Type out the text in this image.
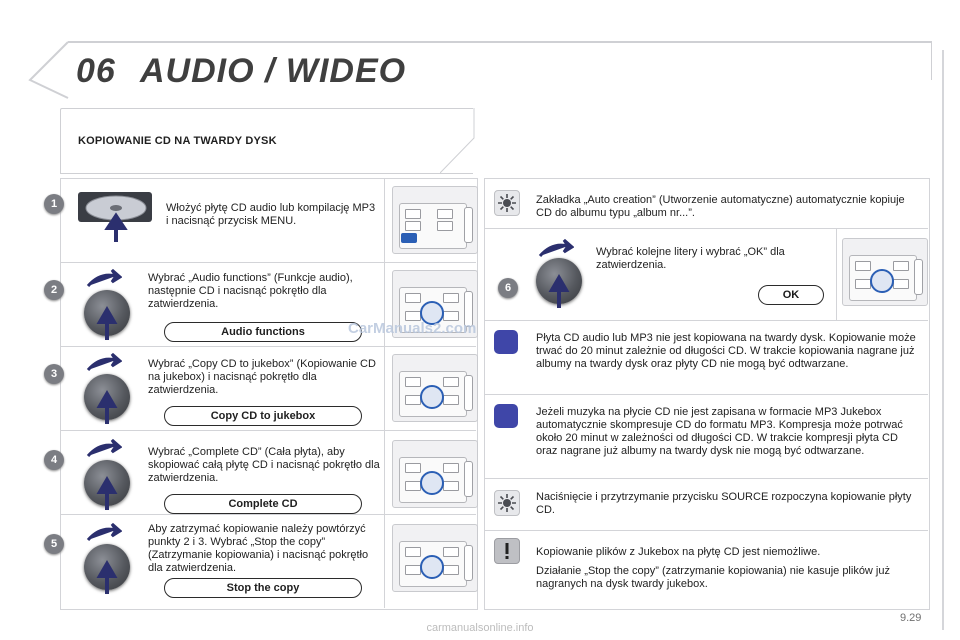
06 AUDIO / WIDEO
KOPIOWANIE CD NA TWARDY DYSK
1	Włożyć płytę CD audio lub kompilację MP3 i nacisnąć przycisk MENU.
2
Wybrać „Audio functions” (Funkcje audio), następnie CD i nacisnąć pokrętło dla zatwierdzenia.
Audio functions
3
Wybrać „Copy CD to jukebox” (Kopiowanie CD na jukebox) i nacisnąć pokrętło dla zatwierdzenia.
Copy CD to jukebox
4
Wybrać „Complete CD” (Cała płyta), aby skopiować całą płytę CD i nacisnąć pokrętło dla zatwierdzenia.
Complete CD
5
Aby zatrzymać kopiowanie należy powtórzyć punkty 2 i 3. Wybrać „Stop the copy” (Zatrzymanie kopiowania) i nacisnąć pokrętło dla zatwierdzenia.
Stop the copy
Zakładka „Auto creation” (Utworzenie automatyczne) automatycznie kopiuje CD do albumu typu „album nr...”.
6
Wybrać kolejne litery i wybrać „OK” dla zatwierdzenia.
OK
Płyta CD audio lub MP3 nie jest kopiowana na twardy dysk. Kopiowanie może trwać do 20 minut zależnie od długości CD. W trakcie kopiowania nagrane już albumy na twardy dysk oraz płyty CD nie mogą być odtwarzane.
Jeżeli muzyka na płycie CD nie jest zapisana w formacie MP3 Jukebox automatycznie skompresuje CD do formatu MP3. Kompresja może potrwać około 20 minut w zależności od długości CD. W trakcie kompresji płyta CD oraz nagrane już albumy na twardy dysk nie mogą być odtwarzane.
Naciśnięcie i przytrzymanie przycisku SOURCE rozpoczyna kopiowanie płyty CD.
Kopiowanie plików z Jukebox na płytę CD jest niemożliwe.
Działanie „Stop the copy” (zatrzymanie kopiowania) nie kasuje plików już nagranych na dysk twardy jukebox.
CarManuals2.com
9.29
carmanualsonline.info
